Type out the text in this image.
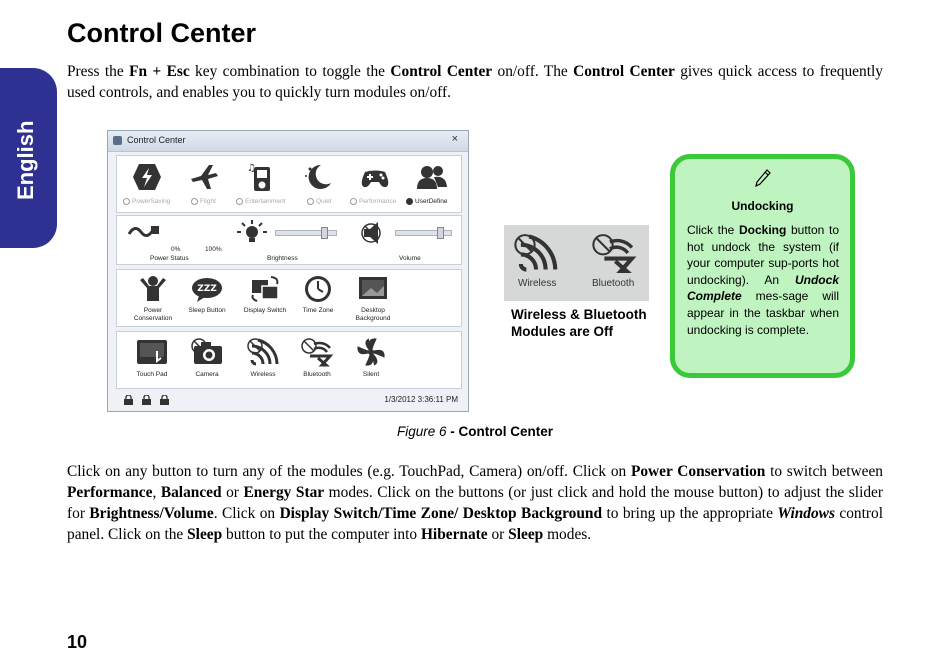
English
Control Center

Press the Fn + Esc key combination to toggle the Control Center on/off. The Control Center gives quick access to frequently used controls, and enables you to quickly turn modules on/off.

Control Center	×
♫
PowerSaving	Flight	Entertainment	Quiet	Performance	UserDefine
0%	100%
Power Status	Brightness	Volume
Power
Conservation
ZZZ
Sleep Button	Display Switch	Time Zone	Desktop
Background
Touch Pad	Camera	Wireless	Bluetooth	Silent
1/3/2012 3:36:11 PM
Wireless	Bluetooth
Wireless & Bluetooth
Modules are Off
Undocking
Click the Docking button to hot undock the system (if your computer sup-ports hot undocking). An Undock Complete mes-sage will appear in the taskbar when undocking is complete.
Figure 6 - Control Center

Click on any button to turn any of the modules (e.g. TouchPad, Camera) on/off. Click on Power Conservation to switch between Performance, Balanced or Energy Star modes. Click on the buttons (or just click and hold the mouse button) to adjust the slider for Brightness/Volume. Click on Display Switch/Time Zone/ Desktop Background to bring up the appropriate Windows control panel. Click on the Sleep button to put the computer into Hibernate or Sleep modes.

10
